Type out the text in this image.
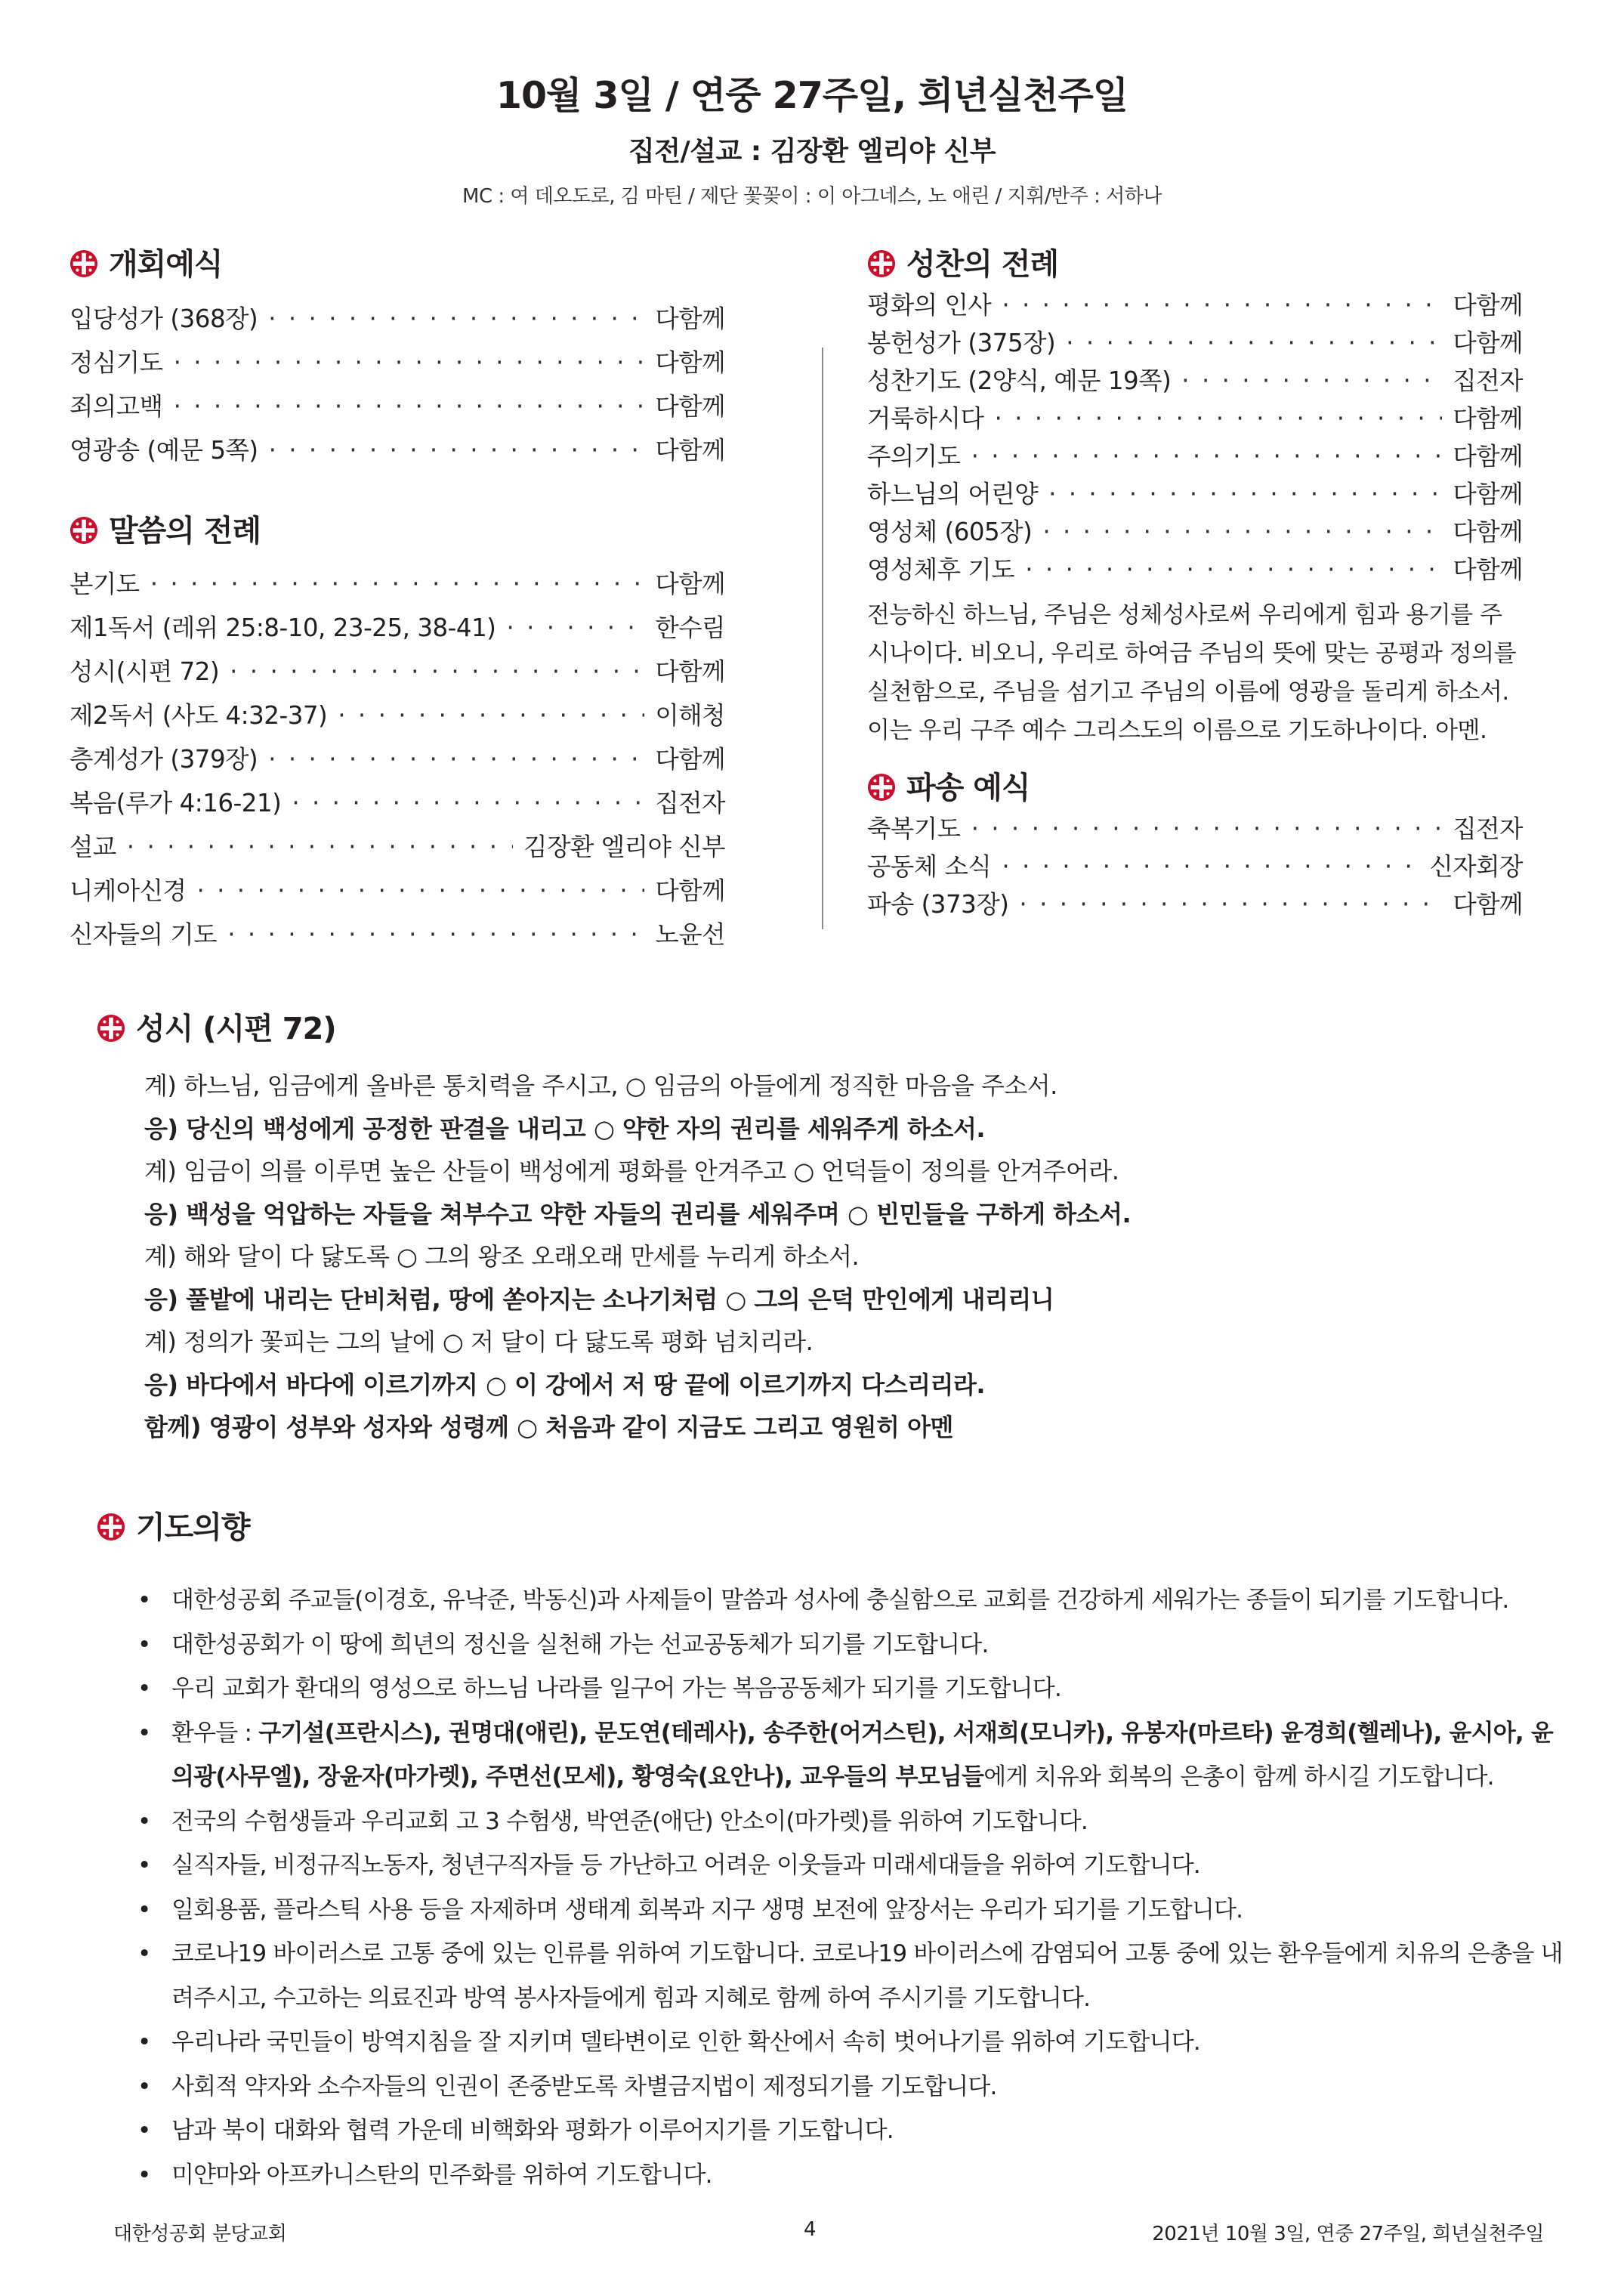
10월 3일 / 연중 27주일, 희년실천주일
집전/설교 : 김장환 엘리야 신부
MC : 여 데오도로, 김 마틴 / 제단 꽃꽂이 : 이 아그네스, 노 애린 / 지휘/반주 : 서하나
개회예식
입당성가 (368장) · · ·	다함께
정심기도 · · ·	다함께
죄의고백 · · ·	다함께
영광송 (예문 5쪽) · · ·	다함께
말씀의 전례
본기도 · · ·	다함께
제1독서 (레위 25:8-10, 23-25, 38-41) · · ·	한수림
성시(시편 72) · · ·	다함께
제2독서 (사도 4:32-37) · · ·	이해청
층계성가 (379장) · · ·	다함께
복음(루가 4:16-21) · · ·	집전자
설교 · · ·	김장환 엘리야 신부
니케아신경 · · ·	다함께
신자들의 기도 · · ·	노윤선
성찬의 전례
평화의 인사 · · ·	다함께
봉헌성가 (375장) · · ·	다함께
성찬기도 (2양식, 예문 19쪽) · · ·	집전자
거룩하시다 · · ·	다함께
주의기도 · · ·	다함께
하느님의 어린양 · · ·	다함께
영성체 (605장) · · ·	다함께
영성체후 기도 · · ·	다함께
전능하신 하느님, 주님은 성체성사로써 우리에게 힘과 용기를 주시나이다. 비오니, 우리로 하여금 주님의 뜻에 맞는 공평과 정의를 실천함으로, 주님을 섬기고 주님의 이름에 영광을 돌리게 하소서. 이는 우리 구주 예수 그리스도의 이름으로 기도하나이다. 아멘.
파송 예식
축복기도 · · ·	집전자
공동체 소식 · · ·	신자회장
파송 (373장) · · ·	다함께
성시 (시편 72)
계) 하느님, 임금에게 올바른 통치력을 주시고, ○ 임금의 아들에게 정직한 마음을 주소서.
응) 당신의 백성에게 공정한 판결을 내리고 ○ 약한 자의 권리를 세워주게 하소서.
계) 임금이 의를 이루면 높은 산들이 백성에게 평화를 안겨주고 ○ 언덕들이 정의를 안겨주어라.
응) 백성을 억압하는 자들을 쳐부수고 약한 자들의 권리를 세워주며 ○ 빈민들을 구하게 하소서.
계) 해와 달이 다 닳도록 ○ 그의 왕조 오래오래 만세를 누리게 하소서.
응) 풀밭에 내리는 단비처럼, 땅에 쏟아지는 소나기처럼 ○ 그의 은덕 만인에게 내리리니
계) 정의가 꽃피는 그의 날에 ○ 저 달이 다 닳도록 평화 넘치리라.
응) 바다에서 바다에 이르기까지 ○ 이 강에서 저 땅 끝에 이르기까지 다스리리라.
함께) 영광이 성부와 성자와 성령께 ○ 처음과 같이 지금도 그리고 영원히 아멘
기도의향
• 대한성공회 주교들(이경호, 유낙준, 박동신)과 사제들이 말씀과 성사에 충실함으로 교회를 건강하게 세워가는 종들이 되기를 기도합니다.
• 대한성공회가 이 땅에 희년의 정신을 실천해 가는 선교공동체가 되기를 기도합니다.
• 우리 교회가 환대의 영성으로 하느님 나라를 일구어 가는 복음공동체가 되기를 기도합니다.
• 환우들 : 구기설(프란시스), 권명대(애린), 문도연(테레사), 송주한(어거스틴), 서재희(모니카), 유봉자(마르타) 윤경희(헬레나), 윤시아, 윤의광(사무엘), 장윤자(마가렛), 주면선(모세), 황영숙(요안나), 교우들의 부모님들에게 치유와 회복의 은총이 함께 하시길 기도합니다.
• 전국의 수험생들과 우리교회 고 3 수험생, 박연준(애단) 안소이(마가렛)를 위하여 기도합니다.
• 실직자들, 비정규직노동자, 청년구직자들 등 가난하고 어려운 이웃들과 미래세대들을 위하여 기도합니다.
• 일회용품, 플라스틱 사용 등을 자제하며 생태계 회복과 지구 생명 보전에 앞장서는 우리가 되기를 기도합니다.
• 코로나19 바이러스로 고통 중에 있는 인류를 위하여 기도합니다. 코로나19 바이러스에 감염되어 고통 중에 있는 환우들에게 치유의 은총을 내려주시고, 수고하는 의료진과 방역 봉사자들에게 힘과 지혜로 함께 하여 주시기를 기도합니다.
• 우리나라 국민들이 방역지침을 잘 지키며 델타변이로 인한 확산에서 속히 벗어나기를 위하여 기도합니다.
• 사회적 약자와 소수자들의 인권이 존중받도록 차별금지법이 제정되기를 기도합니다.
• 남과 북이 대화와 협력 가운데 비핵화와 평화가 이루어지기를 기도합니다.
• 미얀마와 아프카니스탄의 민주화를 위하여 기도합니다.
대한성공회 분당교회	4	2021년 10월 3일, 연중 27주일, 희년실천주일
